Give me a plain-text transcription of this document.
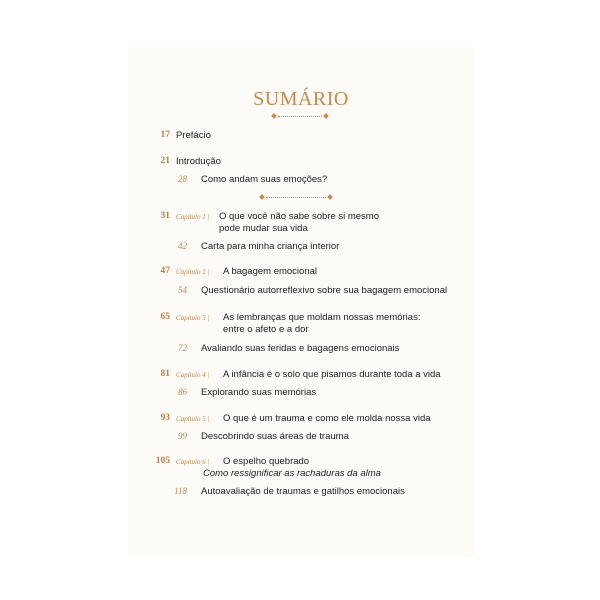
SUMÁRIO
17 Prefácio
21 Introdução
28 Como andam suas emoções?
31 Capítulo 1 | O que você não sabe sobre si mesmo
pode mudar sua vida
42 Carta para minha criança interior
47 Capítulo 2 | A bagagem emocional
54 Questionário autorreflexivo sobre sua bagagem emocional
65 Capítulo 3 | As lembranças que moldam nossas memórias:
entre o afeto e a dor
72 Avaliando suas feridas e bagagens emocionais
81 Capítulo 4 | A infância é o solo que pisamos durante toda a vida
86 Explorando suas memórias
93 Capítulo 5 | O que é um trauma e como ele molda nossa vida
99 Descobrindo suas áreas de trauma
105 Capítulo 6 | O espelho quebrado
Como ressignificar as rachaduras da alma
118 Autoavaliação de traumas e gatilhos emocionais
